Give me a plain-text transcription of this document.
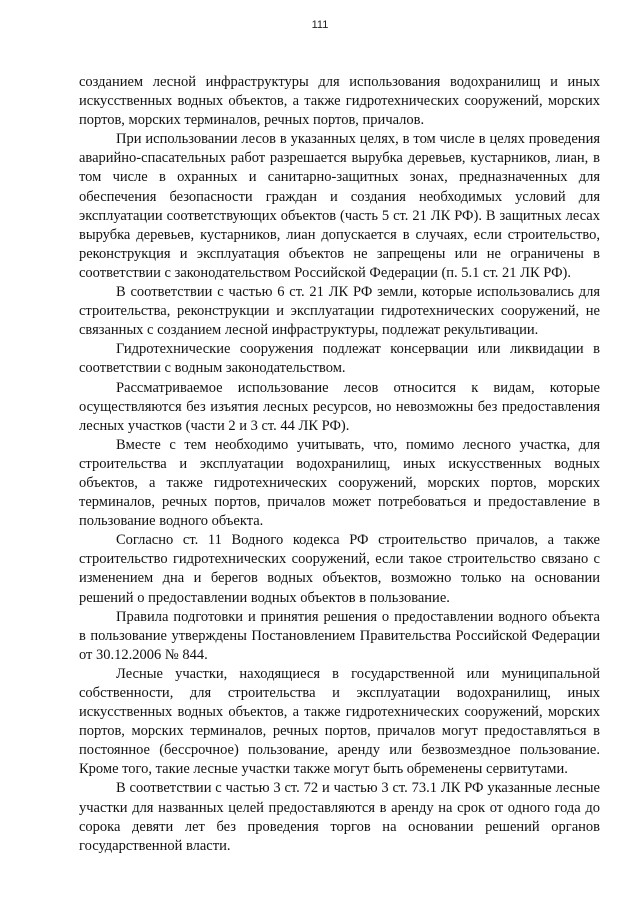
111

созданием лесной инфраструктуры для использования водохранилищ и иных искусственных водных объектов, а также гидротехнических сооружений, морских портов, морских терминалов, речных портов, причалов.

При использовании лесов в указанных целях, в том числе в целях проведения аварийно-спасательных работ разрешается вырубка деревьев, кустарников, лиан, в том числе в охранных и санитарно-защитных зонах, предназначенных для обеспечения безопасности граждан и создания необходимых условий для эксплуатации соответствующих объектов (часть 5 ст. 21 ЛК РФ). В защитных лесах вырубка деревьев, кустарников, лиан допускается в случаях, если строительство, реконструкция и эксплуатация объектов не запрещены или не ограничены в соответствии с законодательством Российской Федерации (п. 5.1 ст. 21 ЛК РФ).

В соответствии с частью 6 ст. 21 ЛК РФ земли, которые использовались для строительства, реконструкции и эксплуатации гидротехнических сооружений, не связанных с созданием лесной инфраструктуры, подлежат рекультивации.

Гидротехнические сооружения подлежат консервации или ликвидации в соответствии с водным законодательством.

Рассматриваемое использование лесов относится к видам, которые осуществляются без изъятия лесных ресурсов, но невозможны без предоставления лесных участков (части 2 и 3 ст. 44 ЛК РФ).

Вместе с тем необходимо учитывать, что, помимо лесного участка, для строительства и эксплуатации водохранилищ, иных искусственных водных объектов, а также гидротехнических сооружений, морских портов, морских терминалов, речных портов, причалов может потребоваться и предоставление в пользование водного объекта.

Согласно ст. 11 Водного кодекса РФ строительство причалов, а также строительство гидротехнических сооружений, если такое строительство связано с изменением дна и берегов водных объектов, возможно только на основании решений о предоставлении водных объектов в пользование.

Правила подготовки и принятия решения о предоставлении водного объекта в пользование утверждены Постановлением Правительства Российской Федерации от 30.12.2006 № 844.

Лесные участки, находящиеся в государственной или муниципальной собственности, для строительства и эксплуатации водохранилищ, иных искусственных водных объектов, а также гидротехнических сооружений, морских портов, морских терминалов, речных портов, причалов могут предоставляться в постоянное (бессрочное) пользование, аренду или безвозмездное пользование. Кроме того, такие лесные участки также могут быть обременены сервитутами.

В соответствии с частью 3 ст. 72 и частью 3 ст. 73.1 ЛК РФ указанные лесные участки для названных целей предоставляются в аренду на срок от одного года до сорока девяти лет без проведения торгов на основании решений органов государственной власти.
